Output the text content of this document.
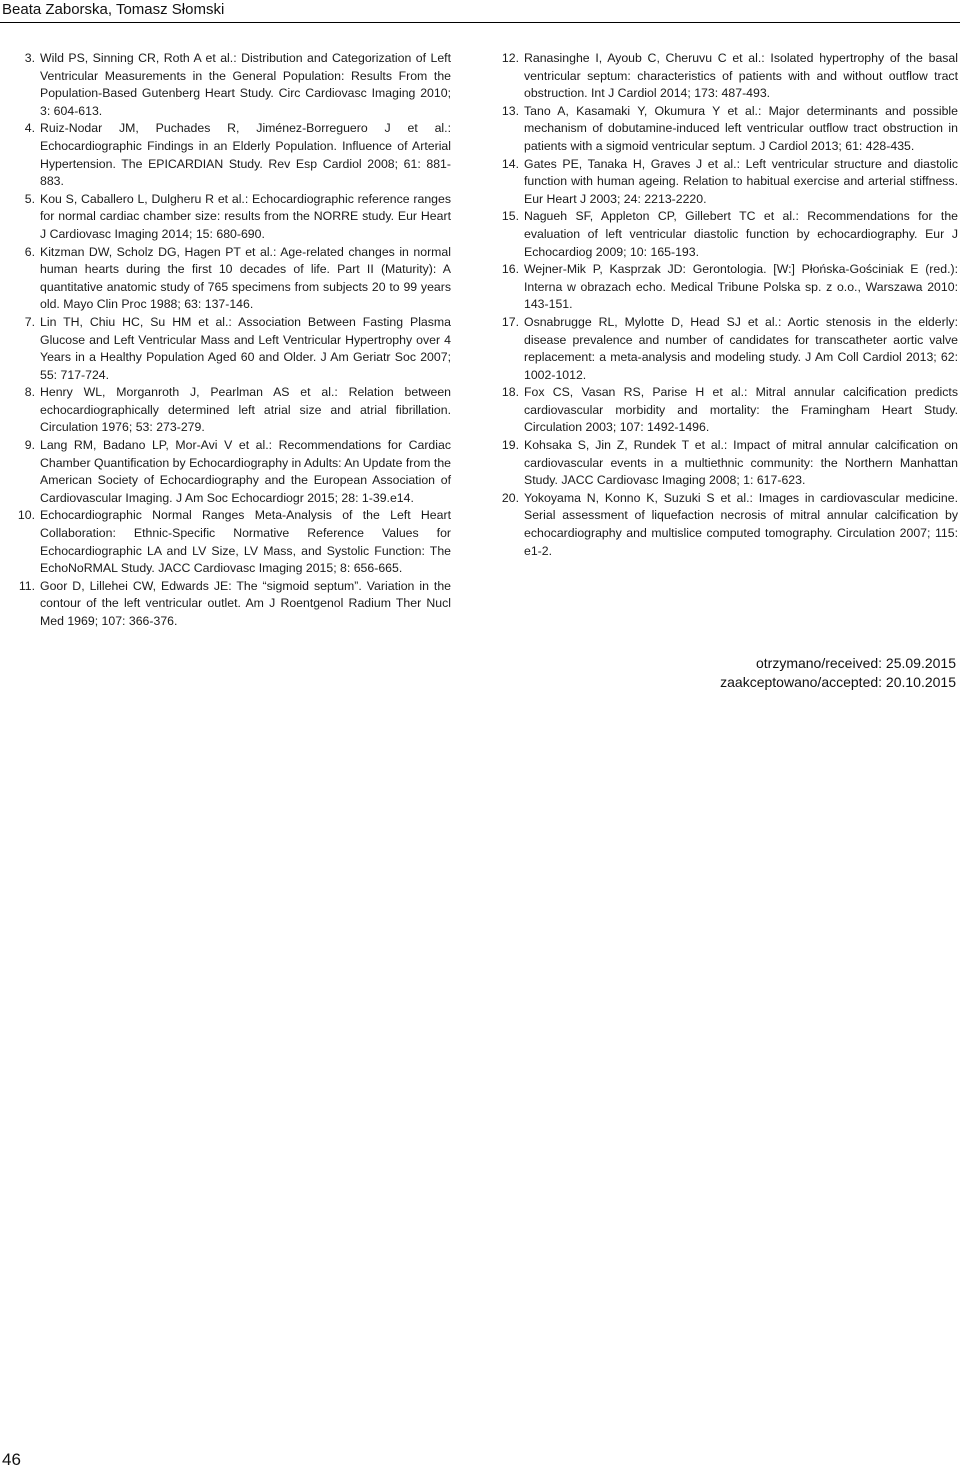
Beata Zaborska, Tomasz Słomski
3. Wild PS, Sinning CR, Roth A et al.: Distribution and Categorization of Left Ventricular Measurements in the General Population: Results From the Population-Based Gutenberg Heart Study. Circ Cardiovasc Imaging 2010; 3: 604-613.
4. Ruiz-Nodar JM, Puchades R, Jiménez-Borreguero J et al.: Echocardiographic Findings in an Elderly Population. Influence of Arterial Hypertension. The EPICARDIAN Study. Rev Esp Cardiol 2008; 61: 881-883.
5. Kou S, Caballero L, Dulgheru R et al.: Echocardiographic reference ranges for normal cardiac chamber size: results from the NORRE study. Eur Heart J Cardiovasc Imaging 2014; 15: 680-690.
6. Kitzman DW, Scholz DG, Hagen PT et al.: Age-related changes in normal human hearts during the first 10 decades of life. Part II (Maturity): A quantitative anatomic study of 765 specimens from subjects 20 to 99 years old. Mayo Clin Proc 1988; 63: 137-146.
7. Lin TH, Chiu HC, Su HM et al.: Association Between Fasting Plasma Glucose and Left Ventricular Mass and Left Ventricular Hypertrophy over 4 Years in a Healthy Population Aged 60 and Older. J Am Geriatr Soc 2007; 55: 717-724.
8. Henry WL, Morganroth J, Pearlman AS et al.: Relation between echocardiographically determined left atrial size and atrial fibrillation. Circulation 1976; 53: 273-279.
9. Lang RM, Badano LP, Mor-Avi V et al.: Recommendations for Cardiac Chamber Quantification by Echocardiography in Adults: An Update from the American Society of Echocardiography and the European Association of Cardiovascular Imaging. J Am Soc Echocardiogr 2015; 28: 1-39.e14.
10. Echocardiographic Normal Ranges Meta-Analysis of the Left Heart Collaboration: Ethnic-Specific Normative Reference Values for Echocardiographic LA and LV Size, LV Mass, and Systolic Function: The EchoNoRMAL Study. JACC Cardiovasc Imaging 2015; 8: 656-665.
11. Goor D, Lillehei CW, Edwards JE: The “sigmoid septum”. Variation in the contour of the left ventricular outlet. Am J Roentgenol Radium Ther Nucl Med 1969; 107: 366-376.
12. Ranasinghe I, Ayoub C, Cheruvu C et al.: Isolated hypertrophy of the basal ventricular septum: characteristics of patients with and without outflow tract obstruction. Int J Cardiol 2014; 173: 487-493.
13. Tano A, Kasamaki Y, Okumura Y et al.: Major determinants and possible mechanism of dobutamine-induced left ventricular outflow tract obstruction in patients with a sigmoid ventricular septum. J Cardiol 2013; 61: 428-435.
14. Gates PE, Tanaka H, Graves J et al.: Left ventricular structure and diastolic function with human ageing. Relation to habitual exercise and arterial stiffness. Eur Heart J 2003; 24: 2213-2220.
15. Nagueh SF, Appleton CP, Gillebert TC et al.: Recommendations for the evaluation of left ventricular diastolic function by echocardiography. Eur J Echocardiog 2009; 10: 165-193.
16. Wejner-Mik P, Kasprzak JD: Gerontologia. [W:] Płońska-Gościniak E (red.): Interna w obrazach echo. Medical Tribune Polska sp. z o.o., Warszawa 2010: 143-151.
17. Osnabrugge RL, Mylotte D, Head SJ et al.: Aortic stenosis in the elderly: disease prevalence and number of candidates for transcatheter aortic valve replacement: a meta-analysis and modeling study. J Am Coll Cardiol 2013; 62: 1002-1012.
18. Fox CS, Vasan RS, Parise H et al.: Mitral annular calcification predicts cardiovascular morbidity and mortality: the Framingham Heart Study. Circulation 2003; 107: 1492-1496.
19. Kohsaka S, Jin Z, Rundek T et al.: Impact of mitral annular calcification on cardiovascular events in a multiethnic community: the Northern Manhattan Study. JACC Cardiovasc Imaging 2008; 1: 617-623.
20. Yokoyama N, Konno K, Suzuki S et al.: Images in cardiovascular medicine. Serial assessment of liquefaction necrosis of mitral annular calcification by echocardiography and multislice computed tomography. Circulation 2007; 115: e1-2.
otrzymano/received: 25.09.2015
zaakceptowano/accepted: 20.10.2015
46
